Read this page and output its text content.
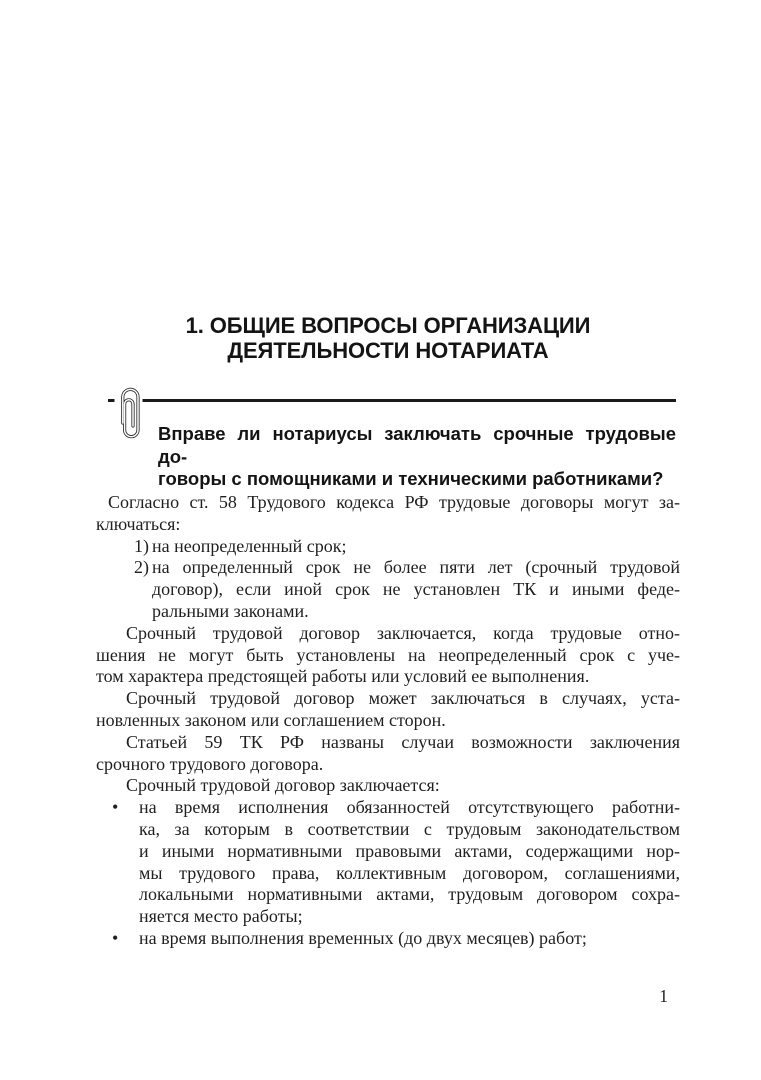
1. ОБЩИЕ ВОПРОСЫ ОРГАНИЗАЦИИ
ДЕЯТЕЛЬНОСТИ НОТАРИАТА
Вправе ли нотариусы заключать срочные трудовые до-
говоры с помощниками и техническими работниками?
Согласно ст. 58 Трудового кодекса РФ трудовые договоры могут за-
ключаться:
1) на неопределенный срок;
2) на определенный срок не более пяти лет (срочный трудовой
договор), если иной срок не установлен ТК и иными феде-
ральными законами.
Срочный трудовой договор заключается, когда трудовые отно-
шения не могут быть установлены на неопределенный срок с уче-
том характера предстоящей работы или условий ее выполнения.
Срочный трудовой договор может заключаться в случаях, уста-
новленных законом или соглашением сторон.
Статьей 59 ТК РФ названы случаи возможности заключения
срочного трудового договора.
Срочный трудовой договор заключается:
• на время исполнения обязанностей отсутствующего работни-
ка, за которым в соответствии с трудовым законодательством
и иными нормативными правовыми актами, содержащими нор-
мы трудового права, коллективным договором, соглашениями,
локальными нормативными актами, трудовым договором сохра-
няется место работы;
• на время выполнения временных (до двух месяцев) работ;
1
